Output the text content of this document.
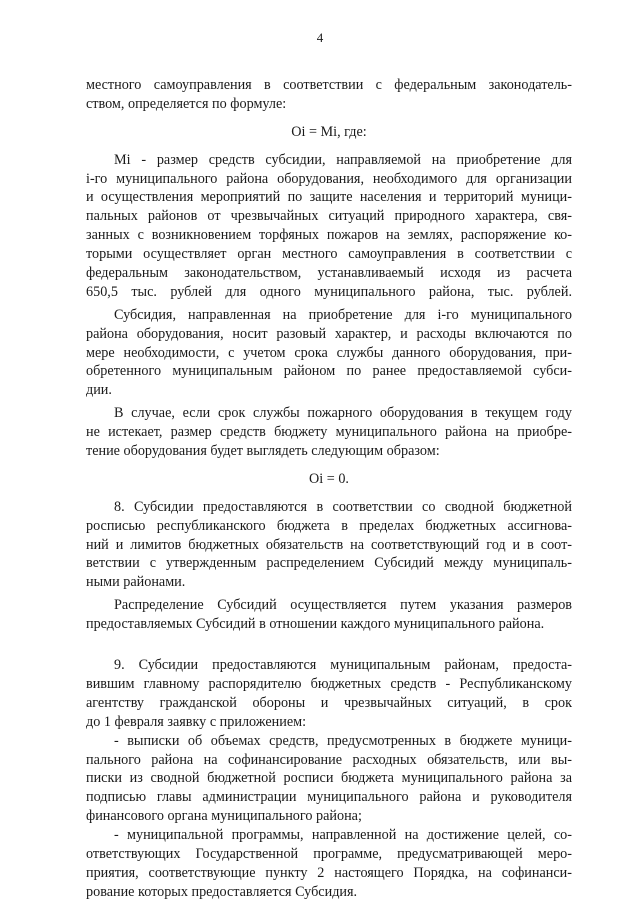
4
местного самоуправления в соответствии с федеральным законодатель-
ством, определяется по формуле:
Oi = Mi, где:
Mi - размер средств субсидии, направляемой на приобретение для
i-го муниципального района оборудования, необходимого для организации
и осуществления мероприятий по защите населения и территорий муници-
пальных районов от чрезвычайных ситуаций природного характера, свя-
занных с возникновением торфяных пожаров на землях, распоряжение ко-
торыми осуществляет орган местного самоуправления в соответствии с
федеральным законодательством, устанавливаемый исходя из расчета
650,5 тыс. рублей для одного муниципального района, тыс. рублей.
Субсидия, направленная на приобретение для i-го муниципального
района оборудования, носит разовый характер, и расходы включаются по
мере необходимости, с учетом срока службы данного оборудования, при-
обретенного муниципальным районом по ранее предоставляемой субси-
дии.
В случае, если срок службы пожарного оборудования в текущем году
не истекает, размер средств бюджету муниципального района на приобре-
тение оборудования будет выглядеть следующим образом:
Oi = 0.
8. Субсидии предоставляются в соответствии со сводной бюджетной
росписью республиканского бюджета в пределах бюджетных ассигнова-
ний и лимитов бюджетных обязательств на соответствующий год и в соот-
ветствии с утвержденным распределением Субсидий между муниципаль-
ными районами.
Распределение Субсидий осуществляется путем указания размеров
предоставляемых Субсидий в отношении каждого муниципального района.
9. Субсидии предоставляются муниципальным районам, предоста-
вившим главному распорядителю бюджетных средств - Республиканскому
агентству гражданской обороны и чрезвычайных ситуаций, в срок
до 1 февраля заявку с приложением:
- выписки об объемах средств, предусмотренных в бюджете муници-
пального района на софинансирование расходных обязательств, или вы-
писки из сводной бюджетной росписи бюджета муниципального района за
подписью главы администрации муниципального района и руководителя
финансового органа муниципального района;
- муниципальной программы, направленной на достижение целей, со-
ответствующих Государственной программе, предусматривающей меро-
приятия, соответствующие пункту 2 настоящего Порядка, на софинанси-
рование которых предоставляется Субсидия.
